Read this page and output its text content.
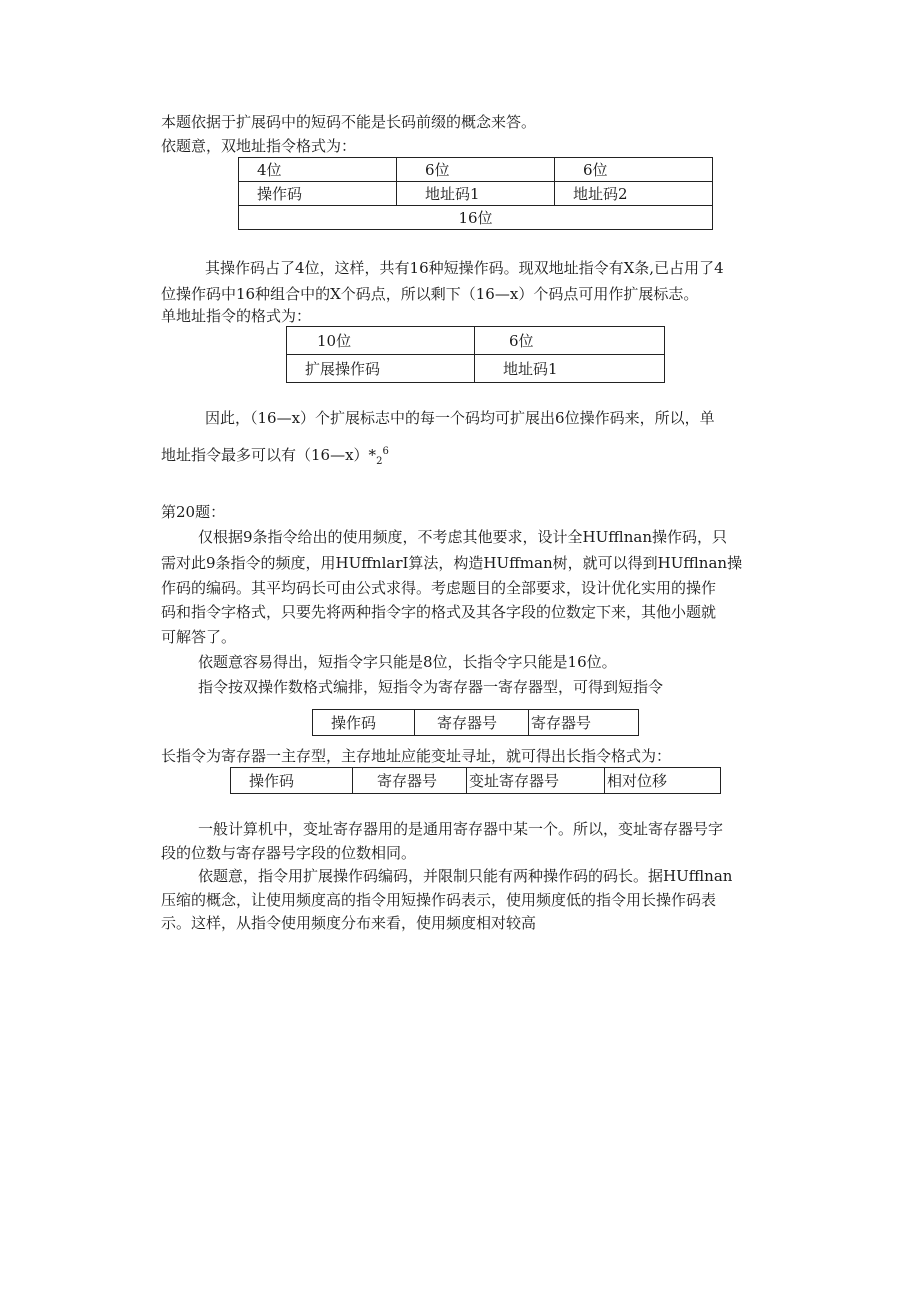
本题依据于扩展码中的短码不能是长码前缀的概念来答。
依题意，双地址指令格式为：
4位	6位	6位
操作码	地址码1	地址码2
16位		
其操作码占了4位，这样，共有16种短操作码。现双地址指令有X条,已占用了4
位操作码中16种组合中的X个码点，所以剩下（16—x）个码点可用作扩展标志。
单地址指令的格式为：
10位	6位
扩展操作码	地址码1
因此，（16—x）个扩展标志中的每一个码均可扩展出6位操作码来，所以，单
地址指令最多可以有$(16—x)*_2^6$
第20题：
仅根据9条指令给出的使用频度，不考虑其他要求，设计全HUfflnan操作码，只
需对此9条指令的频度，用HUffnlarI算法，构造HUffman树，就可以得到HUfflnan操
作码的编码。其平均码长可由公式求得。考虑题目的全部要求，设计优化实用的操作
码和指令字格式，只要先将两种指令字的格式及其各字段的位数定下来，其他小题就
可解答了。
依题意容易得出，短指令字只能是8位，长指令字只能是16位。
指令按双操作数格式编排，短指令为寄存器一寄存器型，可得到短指令
操作码	寄存器号	寄存器号
长指令为寄存器一主存型，主存地址应能变址寻址，就可得出长指令格式为：
操作码	寄存器号	变址寄存器号	相对位移
一般计算机中，变址寄存器用的是通用寄存器中某一个。所以，变址寄存器号字
段的位数与寄存器号字段的位数相同。
依题意，指令用扩展操作码编码，并限制只能有两种操作码的码长。据HUfflnan
压缩的概念，让使用频度高的指令用短操作码表示，使用频度低的指令用长操作码表
示。这样，从指令使用频度分布来看，使用频度相对较高
